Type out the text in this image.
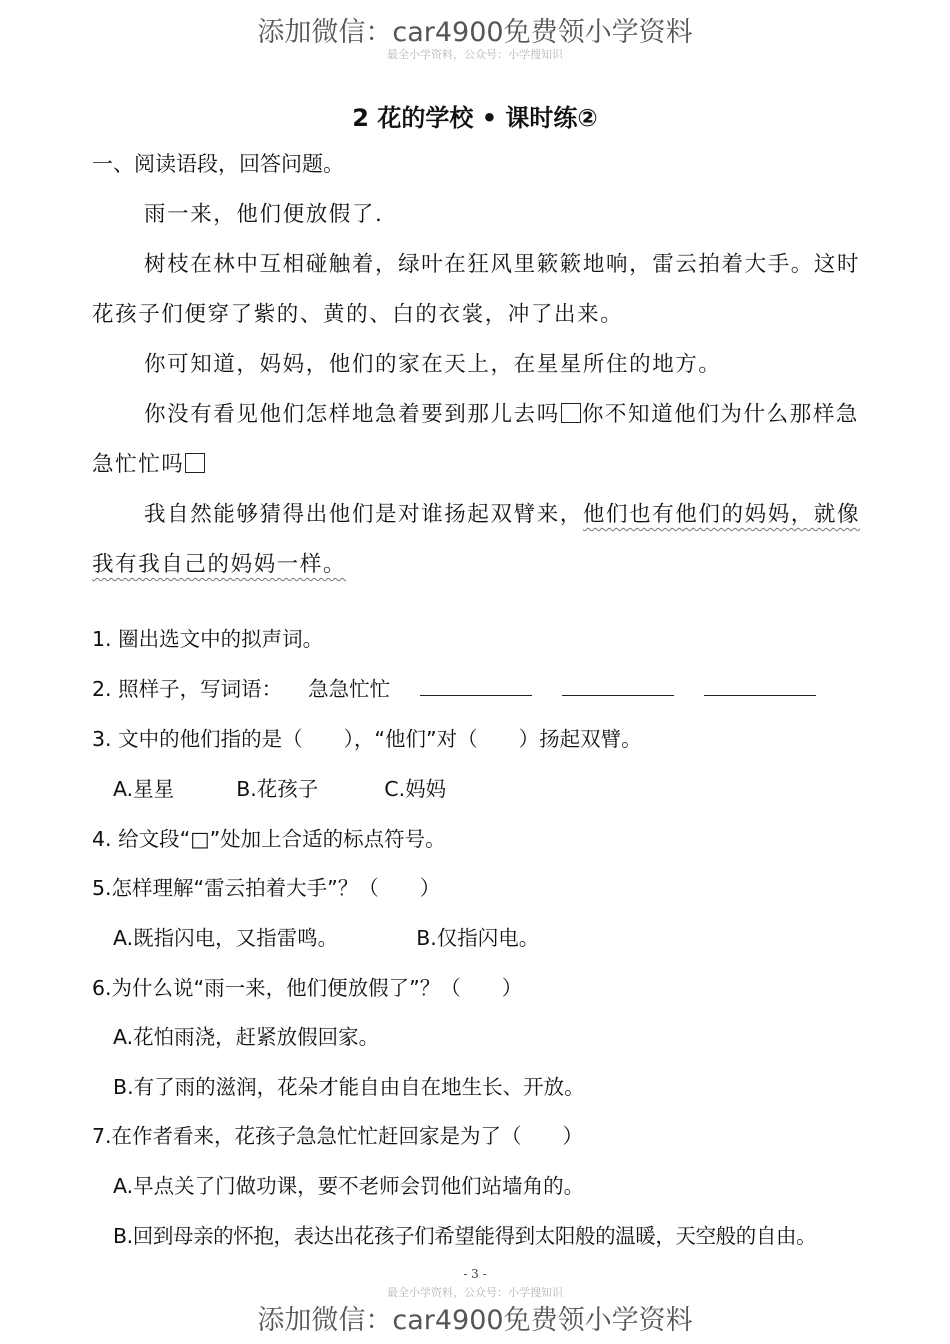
添加微信：car4900免费领小学资料
最全小学资料，公众号：小学搜知识
2 花的学校 • 课时练②
一、阅读语段，回答问题。

雨一来，他们便放假了.

树枝在林中互相碰触着，绿叶在狂风里簌簌地响，雷云拍着大手。这时花孩子们便穿了紫的、黄的、白的衣裳，冲了出来。

你可知道，妈妈，他们的家在天上，在星星所住的地方。

你没有看见他们怎样地急着要到那儿去吗 你不知道他们为什么那样急急忙忙吗

我自然能够猜得出他们是对谁扬起双臂来，他们也有他们的妈妈，就像我有我自己的妈妈一样。

1. 圈出选文中的拟声词。
2. 照样子，写词语： 急急忙忙
3. 文中的他们指的是（　　），“他们”对（　　）扬起双臂。
A.星星	B.花孩子	C.妈妈
4. 给文段“□”处加上合适的标点符号。
5.怎样理解“雷云拍着大手”？（　　）
A.既指闪电，又指雷鸣。	B.仅指闪电。
6.为什么说“雨一来，他们便放假了”？（　　）
A.花怕雨浇，赶紧放假回家。
B.有了雨的滋润，花朵才能自由自在地生长、开放。
7.在作者看来，花孩子急急忙忙赶回家是为了（　　）
A.早点关了门做功课，要不老师会罚他们站墙角的。
B.回到母亲的怀抱，表达出花孩子们希望能得到太阳般的温暖，天空般的自由。
- 3 -
最全小学资料，公众号：小学搜知识
添加微信：car4900免费领小学资料
